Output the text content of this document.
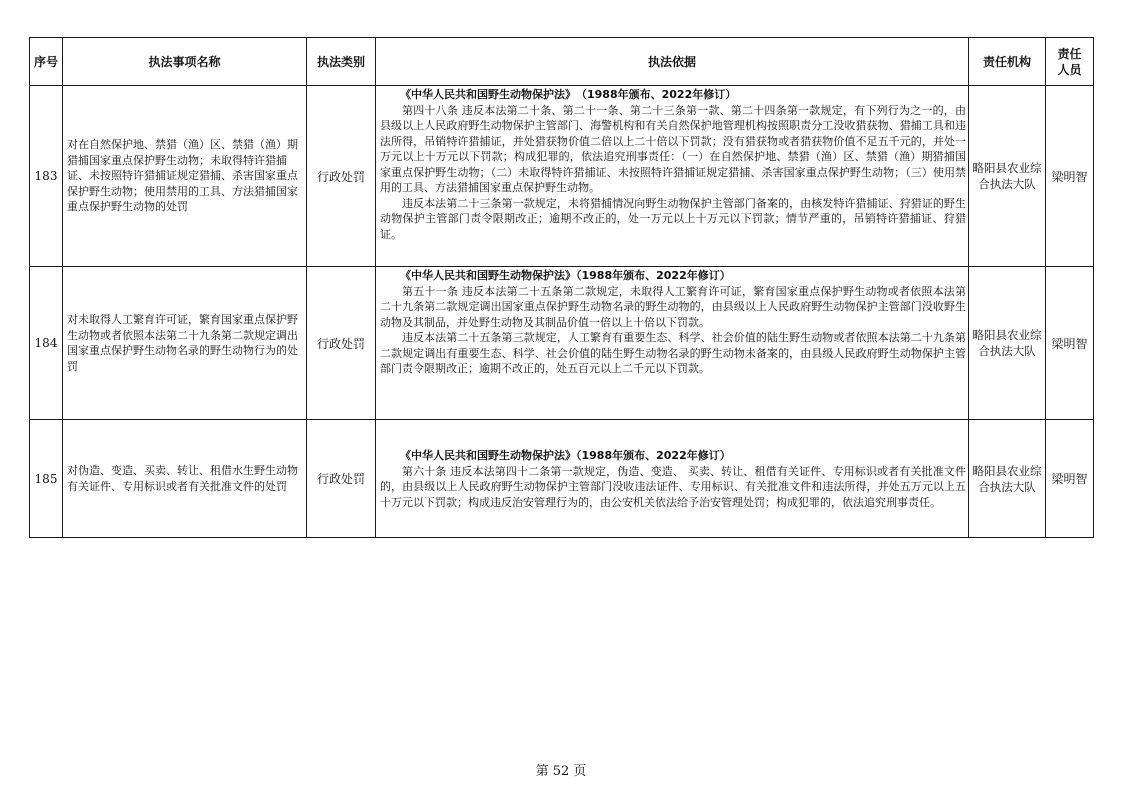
序号	执法事项名称	执法类别	执法依据	责任机构	责任人员
183	对在自然保护地、禁猎（渔）区、禁猎（渔）期猎捕国家重点保护野生动物；未取得特许猎捕证、未按照特许猎捕证规定猎捕、杀害国家重点保护野生动物；使用禁用的工具、方法猎捕国家重点保护野生动物的处罚	行政处罚	《中华人民共和国野生动物保护法》　（1988年颁布、2022年修订）

第四十八条 违反本法第二十条、第二十一条、第二十三条第一款、第二十四条第一款规定，有下列行为之一的，由县级以上人民政府野生动物保护主管部门、海警机构和有关自然保护地管理机构按照职责分工没收猎获物、猎捕工具和违法所得，吊销特许猎捕证，并处猎获物价值二倍以上二十倍以下罚款；没有猎获物或者猎获物价值不足五千元的，并处一万元以上十万元以下罚款；构成犯罪的，依法追究刑事责任：（一）在自然保护地、禁猎（渔）区、禁猎（渔）期猎捕国家重点保护野生动物；（二）未取得特许猎捕证、未按照特许猎捕证规定猎捕、杀害国家重点保护野生动物；（三）使用禁用的工具、方法猎捕国家重点保护野生动物。

违反本法第二十三条第一款规定，未将猎捕情况向野生动物保护主管部门备案的，由核发特许猎捕证、狩猎证的野生动物保护主管部门责令限期改正；逾期不改正的，处一万元以上十万元以下罚款；情节严重的，吊销特许猎捕证、狩猎证。	略阳县农业综合执法大队	梁明智
184	对未取得人工繁育许可证，繁育国家重点保护野生动物或者依照本法第二十九条第二款规定调出国家重点保护野生动物名录的野生动物行为的处罚	行政处罚	《中华人民共和国野生动物保护法》（1988年颁布、2022年修订）

第五十一条 违反本法第二十五条第二款规定，未取得人工繁育许可证，繁育国家重点保护野生动物或者依照本法第二十九条第二款规定调出国家重点保护野生动物名录的野生动物的，由县级以上人民政府野生动物保护主管部门没收野生动物及其制品，并处野生动物及其制品价值一倍以上十倍以下罚款。

违反本法第二十五条第三款规定，人工繁育有重要生态、科学、社会价值的陆生野生动物或者依照本法第二十九条第二款规定调出有重要生态、科学、社会价值的陆生野生动物名录的野生动物未备案的，由县级人民政府野生动物保护主管部门责令限期改正；逾期不改正的，处五百元以上二千元以下罚款。	略阳县农业综合执法大队	梁明智
185	对伪造、变造、买卖、转让、租借水生野生动物有关证件、专用标识或者有关批准文件的处罚	行政处罚	《中华人民共和国野生动物保护法》（1988年颁布、2022年修订）

第六十条 违反本法第四十二条第一款规定，伪造、变造、 买卖、转让、租借有关证件、专用标识或者有关批准文件的，由县级以上人民政府野生动物保护主管部门没收违法证件、专用标识、有关批准文件和违法所得，并处五万元以上五十万元以下罚款；构成违反治安管理行为的，由公安机关依法给予治安管理处罚；构成犯罪的，依法追究刑事责任。	略阳县农业综合执法大队	梁明智
第 52 页
